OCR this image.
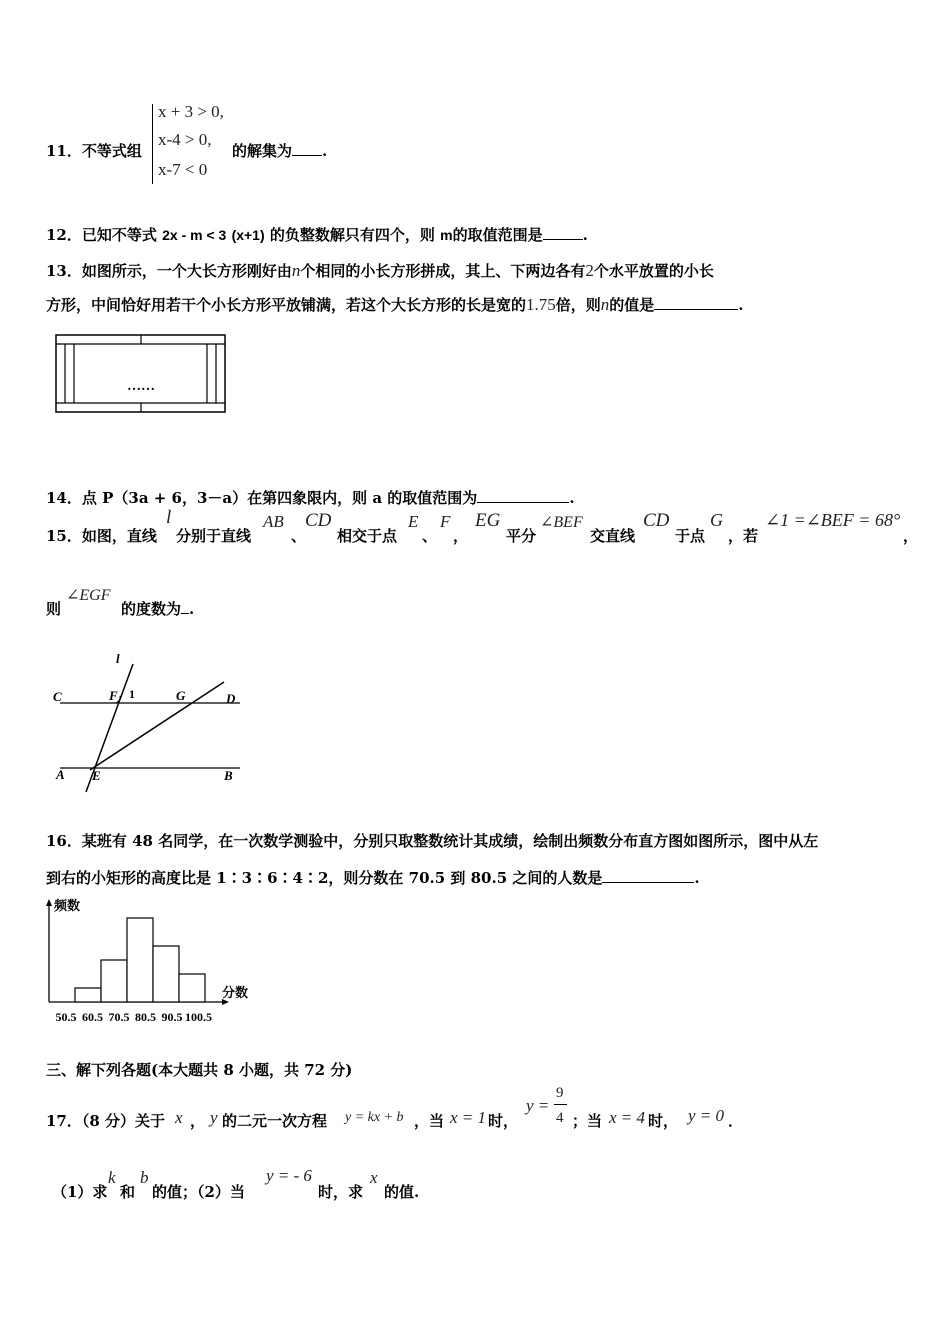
11．不等式组
x + 3 > 0,
x-4 > 0,
x-7 < 0
的解集为 .
12．已知不等式 2x - m < 3 (x+1) 的负整数解只有四个，则 m的取值范围是	.
13．如图所示，一个大长方形刚好由n个相同的小长方形拼成，其上、下两边各有2个水平放置的小长
方形，中间恰好用若干个小长方形平放铺满，若这个大长方形的长是宽的1.75倍，则n的值是	.
……
14．点 P（3a + 6，3－a）在第四象限内，则 a 的取值范围为	.
15．如图，直线
l
分别于直线
AB
、
CD
相交于点
E
、
F
，
EG
平分
∠BEF
交直线
CD
于点
G
，若
∠1 =∠BEF = 68°
，
则
∠EGF
的度数为 .
l
C	F 1	G	D
A E	B
16．某班有 48 名同学，在一次数学测验中，分别只取整数统计其成绩，绘制出频数分布直方图如图所示，图中从左
到右的小矩形的高度比是 1∶3∶6∶4∶2，则分数在 70.5 到 80.5 之间的人数是	.
频数
分数
50.5 60.5 70.5 80.5 90.5 100.5
三、解下列各题(本大题共 8 小题，共 72 分)
17．（8 分）关于 x ， y 的二元一次方程 y = kx + b ，当 x = 1 时，
y =
9
4 ；当 x = 4 时， y = 0 ．
（1）求
k
和
b
的值；（2）当
y = - 6
时，求
x
的值.
